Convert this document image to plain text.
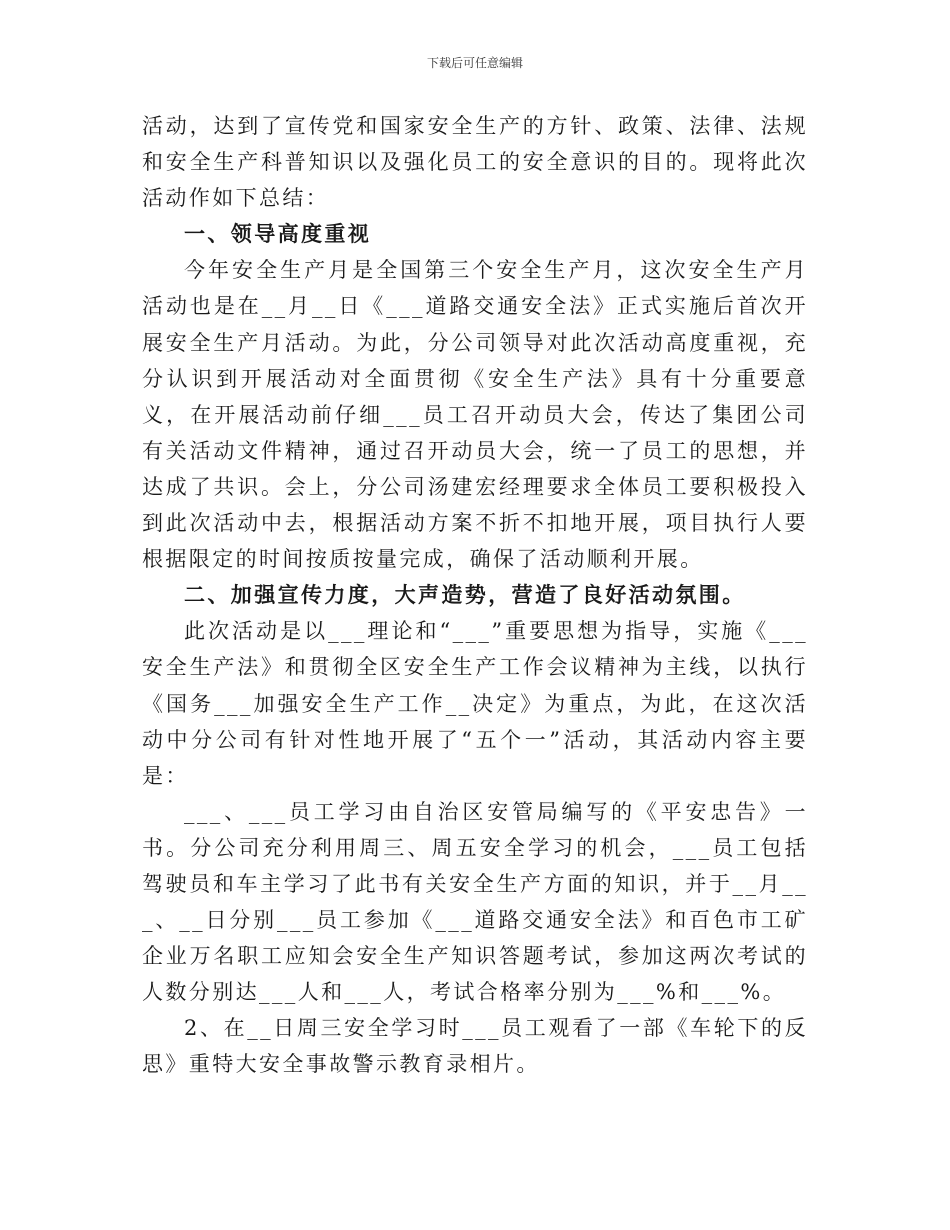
下载后可任意编辑

活动，达到了宣传党和国家安全生产的方针、政策、法律、法规和安全生产科普知识以及强化员工的安全意识的目的。现将此次活动作如下总结：

一、领导高度重视

今年安全生产月是全国第三个安全生产月，这次安全生产月活动也是在__月__日《___道路交通安全法》正式实施后首次开展安全生产月活动。为此，分公司领导对此次活动高度重视，充分认识到开展活动对全面贯彻《安全生产法》具有十分重要意义，在开展活动前仔细___员工召开动员大会，传达了集团公司有关活动文件精神，通过召开动员大会，统一了员工的思想，并达成了共识。会上，分公司汤建宏经理要求全体员工要积极投入到此次活动中去，根据活动方案不折不扣地开展，项目执行人要根据限定的时间按质按量完成，确保了活动顺利开展。

二、加强宣传力度，大声造势，营造了良好活动氛围。

此次活动是以___理论和“___”重要思想为指导，实施《___安全生产法》和贯彻全区安全生产工作会议精神为主线，以执行《国务___加强安全生产工作__决定》为重点，为此，在这次活动中分公司有针对性地开展了“五个一”活动，其活动内容主要是：

___、___员工学习由自治区安管局编写的《平安忠告》一书。分公司充分利用周三、周五安全学习的机会，___员工包括驾驶员和车主学习了此书有关安全生产方面的知识，并于__月___、__日分别___员工参加《___道路交通安全法》和百色市工矿企业万名职工应知会安全生产知识答题考试，参加这两次考试的人数分别达___人和___人，考试合格率分别为___%和___%。

2、在__日周三安全学习时___员工观看了一部《车轮下的反思》重特大安全事故警示教育录相片。
